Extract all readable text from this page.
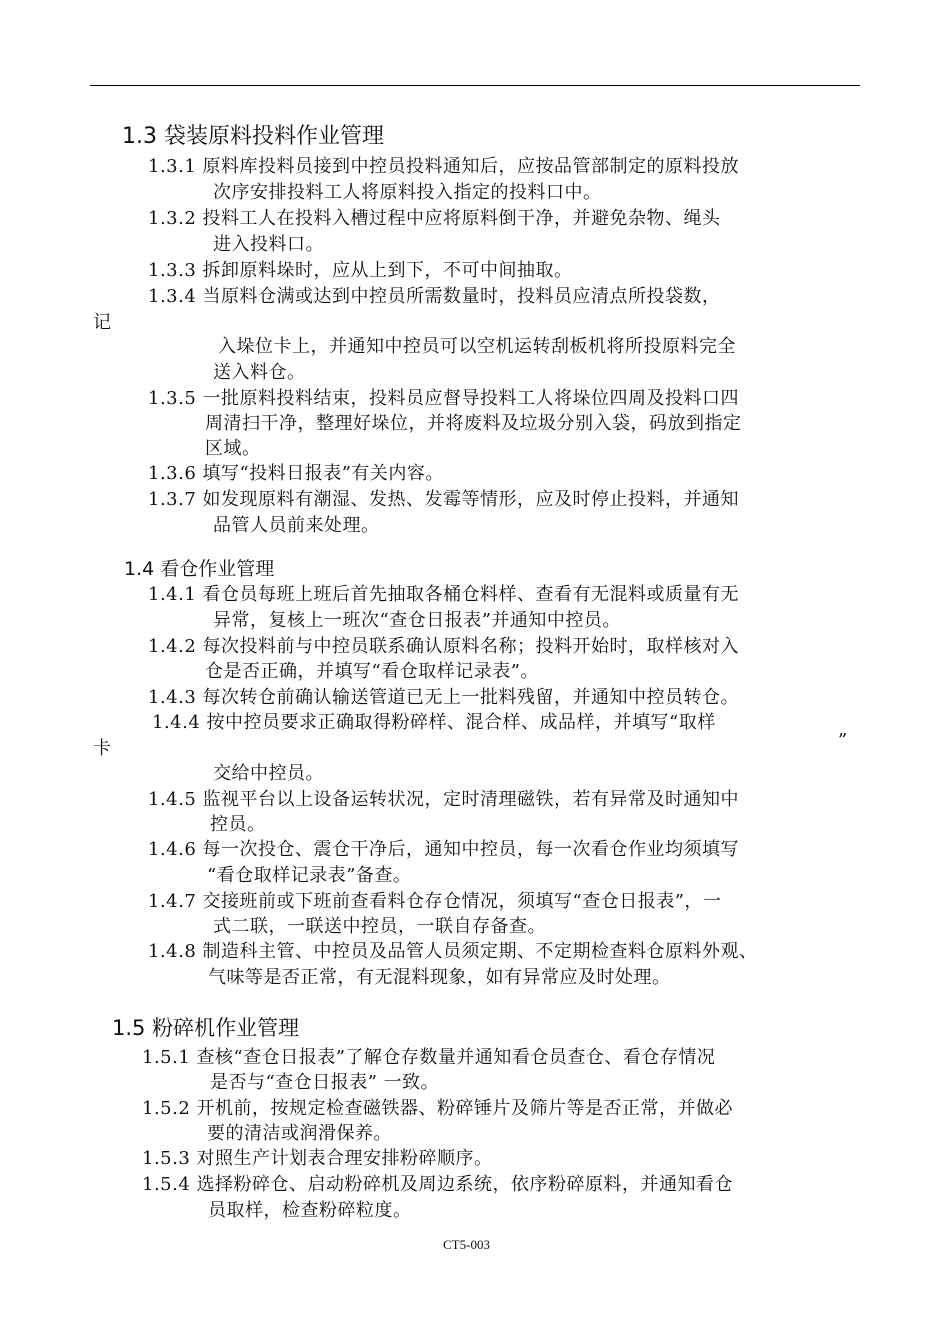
1.3 袋装原料投料作业管理
1.3.1 原料库投料员接到中控员投料通知后，应按品管部制定的原料投放
次序安排投料工人将原料投入指定的投料口中。
1.3.2 投料工人在投料入槽过程中应将原料倒干净，并避免杂物、绳头
进入投料口。
1.3.3 拆卸原料垛时，应从上到下，不可中间抽取。
1.3.4 当原料仓满或达到中控员所需数量时，投料员应清点所投袋数，
记
入垛位卡上，并通知中控员可以空机运转刮板机将所投原料完全
送入料仓。
1.3.5 一批原料投料结束，投料员应督导投料工人将垛位四周及投料口四
周清扫干净，整理好垛位，并将废料及垃圾分别入袋，码放到指定
区域。
1.3.6 填写“投料日报表”有关内容。
1.3.7 如发现原料有潮湿、发热、发霉等情形，应及时停止投料，并通知
品管人员前来处理。
1.4 看仓作业管理
1.4.1 看仓员每班上班后首先抽取各桶仓料样、查看有无混料或质量有无
异常，复核上一班次“查仓日报表”并通知中控员。
1.4.2 每次投料前与中控员联系确认原料名称；投料开始时，取样核对入
仓是否正确，并填写“看仓取样记录表”。
1.4.3 每次转仓前确认输送管道已无上一批料残留，并通知中控员转仓。
1.4.4 按中控员要求正确取得粉碎样、混合样、成品样，并填写“取样
卡	”
交给中控员。
1.4.5 监视平台以上设备运转状况，定时清理磁铁，若有异常及时通知中
控员。
1.4.6 每一次投仓、震仓干净后，通知中控员，每一次看仓作业均须填写
“看仓取样记录表”备查。
1.4.7 交接班前或下班前查看料仓存仓情况，须填写“查仓日报表”，一
式二联，一联送中控员，一联自存备查。
1.4.8 制造科主管、中控员及品管人员须定期、不定期检查料仓原料外观、
气味等是否正常，有无混料现象，如有异常应及时处理。
1.5 粉碎机作业管理
1.5.1 查核“查仓日报表”了解仓存数量并通知看仓员查仓、看仓存情况
是否与“查仓日报表” 一致。
1.5.2 开机前，按规定检查磁铁器、粉碎锤片及筛片等是否正常，并做必
要的清洁或润滑保养。
1.5.3 对照生产计划表合理安排粉碎顺序。
1.5.4 选择粉碎仓、启动粉碎机及周边系统，依序粉碎原料，并通知看仓
员取样，检查粉碎粒度。
CT5-003
